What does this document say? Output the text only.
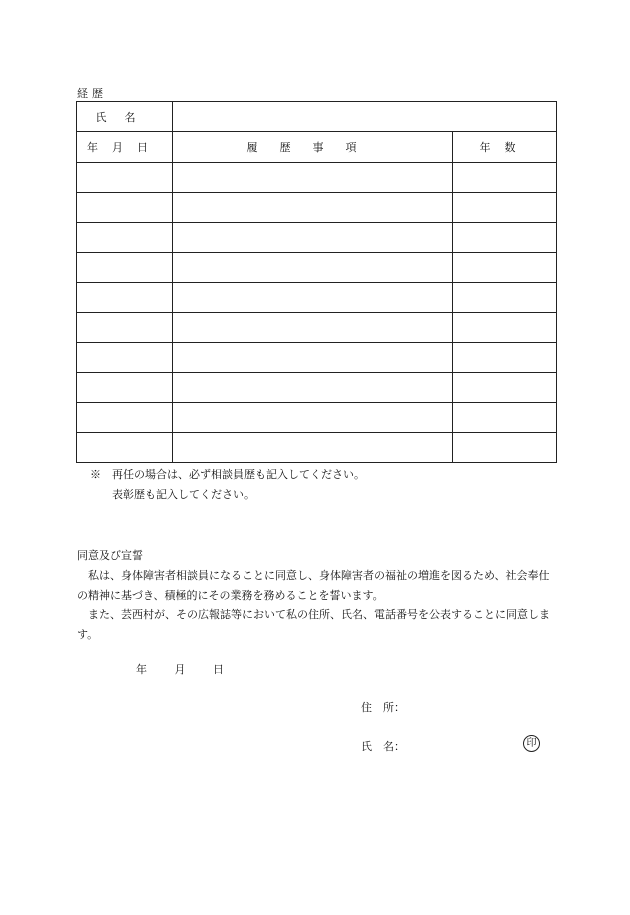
経歴
氏名		
年月日	履歴事項	年数

※　再任の場合は、必ず相談員歴も記入してください。
表彰歴も記入してください。
同意及び宣誓
　私は、身体障害者相談員になることに同意し、身体障害者の福祉の増進を図るため、社会奉仕の精神に基づき、積極的にその業務を務めることを誓います。
　また、芸西村が、その広報誌等において私の住所、氏名、電話番号を公表することに同意します。
年	月	日
住　所：
氏　名：	印
